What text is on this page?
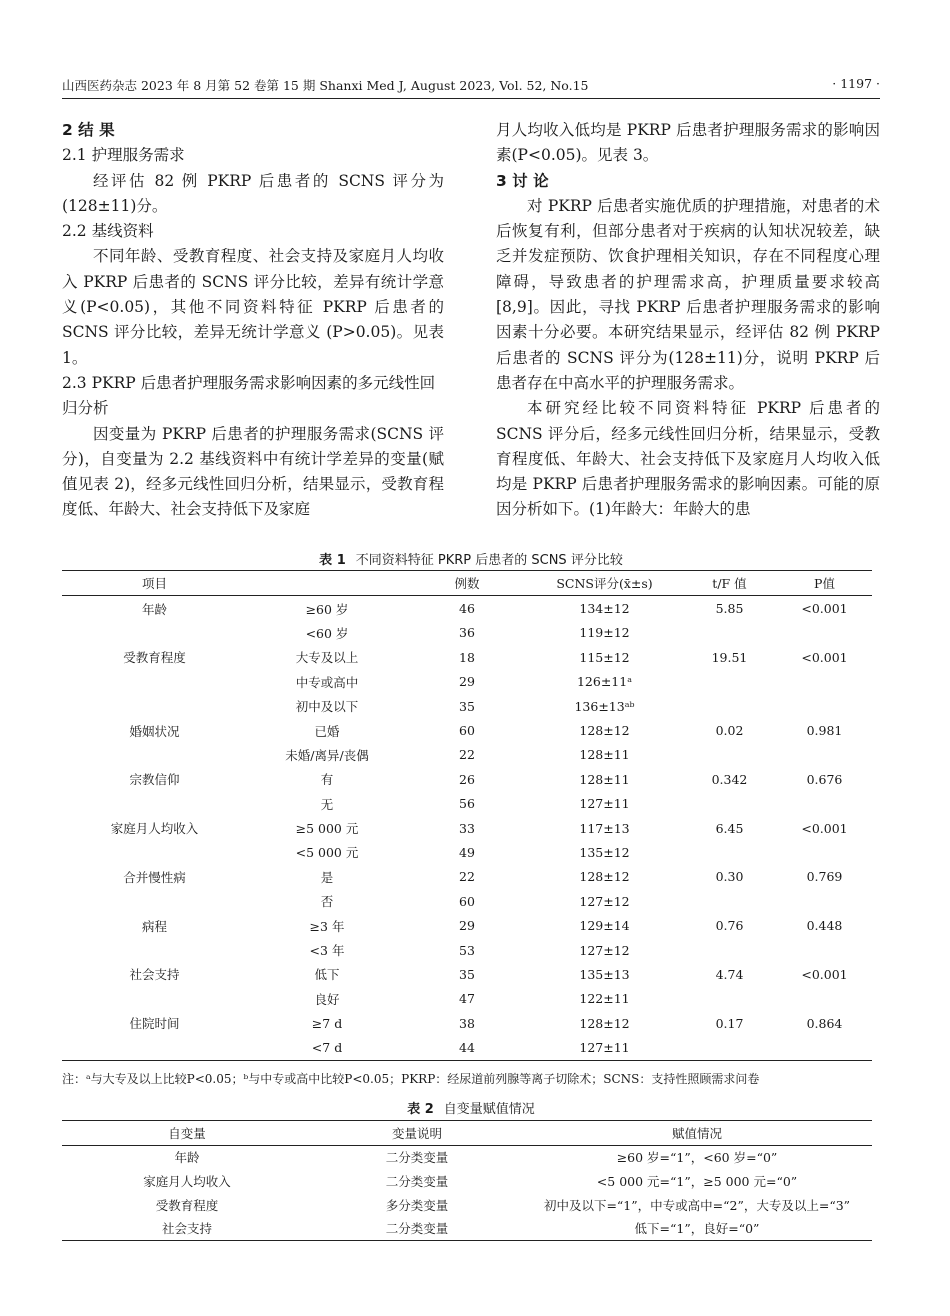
山西医药杂志 2023 年 8 月第 52 卷第 15 期 Shanxi Med J, August 2023, Vol. 52, No.15	· 1197 ·
2 结 果
2.1 护理服务需求

经评估 82 例 PKRP 后患者的 SCNS 评分为(128±11)分。

2.2 基线资料

不同年龄、受教育程度、社会支持及家庭月人均收入 PKRP 后患者的 SCNS 评分比较，差异有统计学意义(P<0.05)，其他不同资料特征 PKRP 后患者的 SCNS 评分比较，差异无统计学意义 (P>0.05)。见表 1。

2.3 PKRP 后患者护理服务需求影响因素的多元线性回归分析

因变量为 PKRP 后患者的护理服务需求(SCNS 评分)，自变量为 2.2 基线资料中有统计学差异的变量(赋值见表 2)，经多元线性回归分析，结果显示，受教育程度低、年龄大、社会支持低下及家庭

月人均收入低均是 PKRP 后患者护理服务需求的影响因素(P<0.05)。见表 3。

3 讨 论

对 PKRP 后患者实施优质的护理措施，对患者的术后恢复有利，但部分患者对于疾病的认知状况较差，缺乏并发症预防、饮食护理相关知识，存在不同程度心理障碍，导致患者的护理需求高，护理质量要求较高[8,9]。因此，寻找 PKRP 后患者护理服务需求的影响因素十分必要。本研究结果显示，经评估 82 例 PKRP 后患者的 SCNS 评分为(128±11)分，说明 PKRP 后患者存在中高水平的护理服务需求。

本研究经比较不同资料特征 PKRP 后患者的 SCNS 评分后，经多元线性回归分析，结果显示，受教育程度低、年龄大、社会支持低下及家庭月人均收入低均是 PKRP 后患者护理服务需求的影响因素。可能的原因分析如下。(1)年龄大：年龄大的患

表 1 不同资料特征 PKRP 后患者的 SCNS 评分比较
项目		例数	SCNS评分(x̄±s)	t/F 值	P值
年龄	≥60 岁	46	134±12	5.85	<0.001
	<60 岁	36	119±12		
受教育程度	大专及以上	18	115±12	19.51	<0.001
	中专或高中	29	126±11ᵃ		
	初中及以下	35	136±13ᵃᵇ		
婚姻状况	已婚	60	128±12	0.02	0.981
	未婚/离异/丧偶	22	128±11		
宗教信仰	有	26	128±11	0.342	0.676
	无	56	127±11		
家庭月人均收入	≥5 000 元	33	117±13	6.45	<0.001
	<5 000 元	49	135±12		
合并慢性病	是	22	128±12	0.30	0.769
	否	60	127±12		
病程	≥3 年	29	129±14	0.76	0.448
	<3 年	53	127±12		
社会支持	低下	35	135±13	4.74	<0.001
	良好	47	122±11		
住院时间	≥7 d	38	128±12	0.17	0.864
	<7 d	44	127±11		
注：ᵃ与大专及以上比较P<0.05；ᵇ与中专或高中比较P<0.05；PKRP：经尿道前列腺等离子切除术；SCNS：支持性照顾需求问卷
表 2 自变量赋值情况
自变量	变量说明	赋值情况
年龄	二分类变量	≥60 岁=“1”，<60 岁=“0”
家庭月人均收入	二分类变量	<5 000 元=“1”，≥5 000 元=“0”
受教育程度	多分类变量	初中及以下=“1”，中专或高中=“2”，大专及以上=“3”
社会支持	二分类变量	低下=“1”，良好=“0”
